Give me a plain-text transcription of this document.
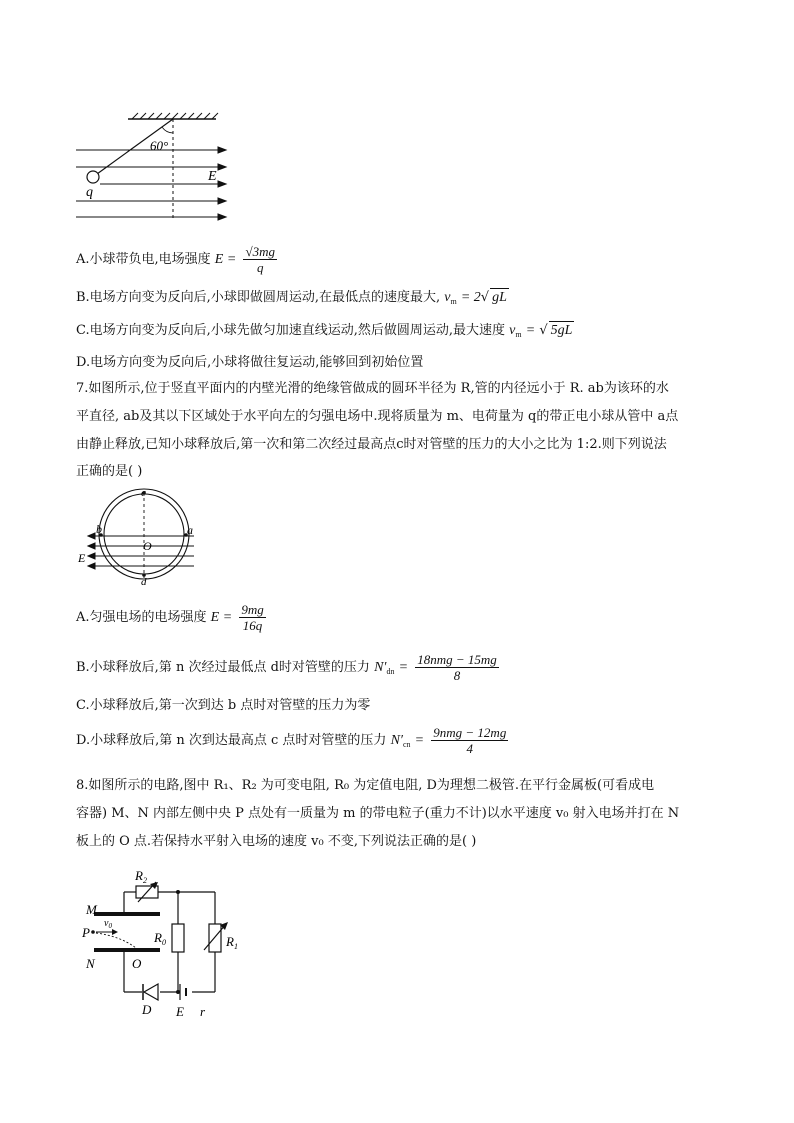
60°
q
E
A.小球带负电,电场强度 $E = \frac{√3mg}{q}$
B.电场方向变为反向后,小球即做圆周运动,在最低点的速度最大, $v_m = 2√$ gL
C.电场方向变为反向后,小球先做匀加速直线运动,然后做圆周运动,最大速度 $v_m$ = √ 5gL
D.电场方向变为反向后,小球将做往复运动,能够回到初始位置
7.如图所示,位于竖直平面内的内壁光滑的绝缘管做成的圆环半径为 R,管的内径远小于 R. ab为该环的水
平直径, ab及其以下区域处于水平向左的匀强电场中.现将质量为 m、电荷量为 q的带正电小球从管中 a点
由静止释放,已知小球释放后,第一次和第二次经过最高点c时对管壁的压力的大小之比为 1:2.则下列说法
正确的是( )
c
b	a
O
E
d
A.匀强电场的电场强度 $E = \frac{9mg}{16q}$
B.小球释放后,第 n 次经过最低点 d时对管壁的压力 $N'_{dn} = \frac{\text{18nmg − 15mg}}{8}$
C.小球释放后,第一次到达 b 点时对管壁的压力为零
D.小球释放后,第 n 次到达最高点 c 点时对管壁的压力 $N'_{cn} = \frac{\text{9nmg − 12mg}}{4}$
8.如图所示的电路,图中 R₁、R₂ 为可变电阻, R₀ 为定值电阻, D为理想二极管.在平行金属板(可看成电
容器) M、N 内部左侧中央 P 点处有一质量为 m 的带电粒子(重力不计)以水平速度 v₀ 射入电场并打在 N
板上的 O 点.若保持水平射入电场的速度 v₀ 不变,下列说法正确的是( )
$R_2$
M
P
$v_0$
$R_0$	$R_1$
N	O
D E r
